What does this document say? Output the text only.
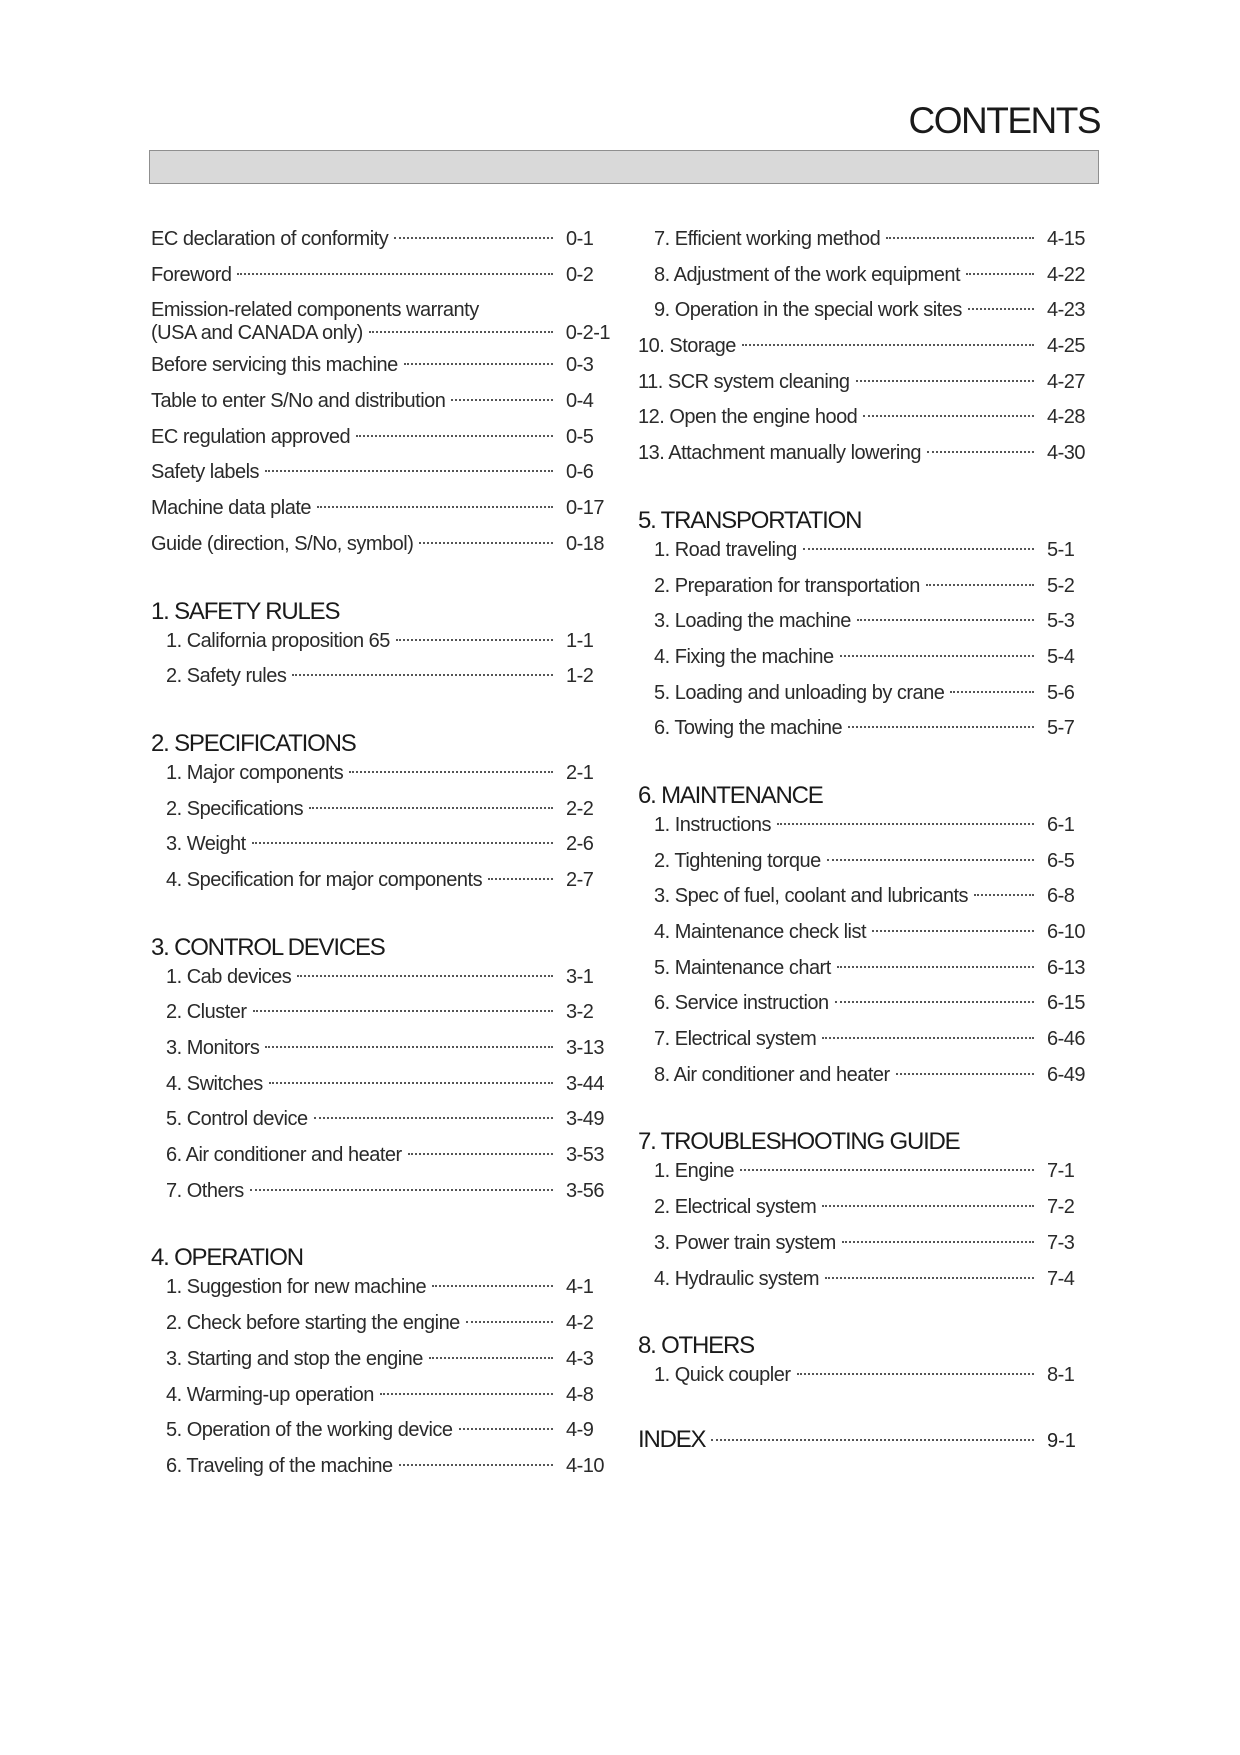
CONTENTS
EC declaration of conformity	0-1
Foreword	0-2
Emission-related components warranty
(USA and CANADA only)	0-2-1
Before servicing this machine	0-3
Table to enter S/No and distribution	0-4
EC regulation approved	0-5
Safety labels	0-6
Machine data plate	0-17
Guide (direction, S/No, symbol)	0-18
1. SAFETY RULES
1. California proposition 65	1-1
2. Safety rules	1-2
2. SPECIFICATIONS
1. Major components	2-1
2. Specifications	2-2
3. Weight	2-6
4. Specification for major components	2-7
3. CONTROL DEVICES
1. Cab devices	3-1
2. Cluster	3-2
3. Monitors	3-13
4. Switches	3-44
5. Control device	3-49
6. Air conditioner and heater	3-53
7. Others	3-56
4. OPERATION
1. Suggestion for new machine	4-1
2. Check before starting the engine	4-2
3. Starting and stop the engine	4-3
4. Warming-up operation	4-8
5. Operation of the working device	4-9
6. Traveling of the machine	4-10
7. Efficient working method	4-15
8. Adjustment of the work equipment	4-22
9. Operation in the special work sites	4-23
10. Storage	4-25
11. SCR system cleaning	4-27
12. Open the engine hood	4-28
13. Attachment manually lowering	4-30
5. TRANSPORTATION
1. Road traveling	5-1
2. Preparation for transportation	5-2
3. Loading the machine	5-3
4. Fixing the machine	5-4
5. Loading and unloading by crane	5-6
6. Towing the machine	5-7
6. MAINTENANCE
1. Instructions	6-1
2. Tightening torque	6-5
3. Spec of fuel, coolant and lubricants	6-8
4. Maintenance check list	6-10
5. Maintenance chart	6-13
6. Service instruction	6-15
7. Electrical system	6-46
8. Air conditioner and heater	6-49
7. TROUBLESHOOTING GUIDE
1. Engine	7-1
2. Electrical system	7-2
3. Power train system	7-3
4. Hydraulic system	7-4
8. OTHERS
1. Quick coupler	8-1
INDEX	9-1
